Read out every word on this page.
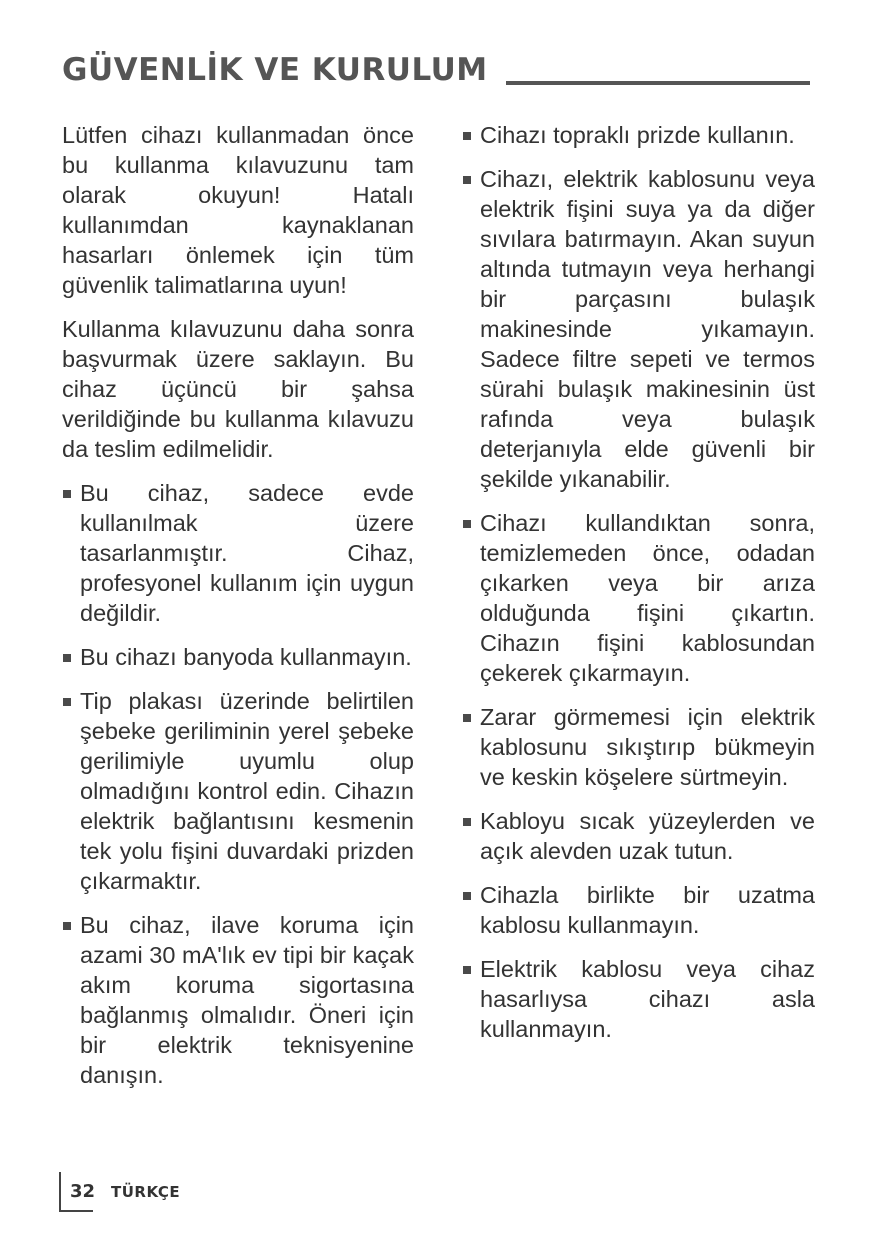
GÜVENLİK VE KURULUM

Lütfen cihazı kullanmadan önce bu kullanma kılavuzunu tam olarak okuyun! Hatalı kullanımdan kaynaklanan hasarları önlemek için tüm güvenlik talimatlarına uyun!

Kullanma kılavuzunu daha sonra başvurmak üzere saklayın. Bu cihaz üçüncü bir şahsa verildiğinde bu kullanma kılavuzu da teslim edilmelidir.

Bu cihaz, sadece evde kullanılmak üzere tasarlanmıştır. Cihaz, profesyonel kullanım için uygun değildir.
Bu cihazı banyoda kullanmayın.
Tip plakası üzerinde belirtilen şebeke geriliminin yerel şebeke gerilimiyle uyumlu olup olmadığını kontrol edin. Cihazın elektrik bağlantısını kesmenin tek yolu fişini duvardaki prizden çıkarmaktır.
Bu cihaz, ilave koruma için azami 30 mA'lık ev tipi bir kaçak akım koruma sigortasına bağlanmış olmalıdır. Öneri için bir elektrik teknisyenine danışın.
Cihazı topraklı prizde kullanın.
Cihazı, elektrik kablosunu veya elektrik fişini suya ya da diğer sıvılara batırmayın. Akan suyun altında tutmayın veya herhangi bir parçasını bulaşık makinesinde yıkamayın. Sadece filtre sepeti ve termos sürahi bulaşık makinesinin üst rafında veya bulaşık deterjanıyla elde güvenli bir şekilde yıkanabilir.
Cihazı kullandıktan sonra, temizlemeden önce, odadan çıkarken veya bir arıza olduğunda fişini çıkartın. Cihazın fişini kablosundan çekerek çıkarmayın.
Zarar görmemesi için elektrik kablosunu sıkıştırıp bükmeyin ve keskin köşelere sürtmeyin.
Kabloyu sıcak yüzeylerden ve açık alevden uzak tutun.
Cihazla birlikte bir uzatma kablosu kullanmayın.
Elektrik kablosu veya cihaz hasarlıysa cihazı asla kullanmayın.
32 TÜRKÇE
